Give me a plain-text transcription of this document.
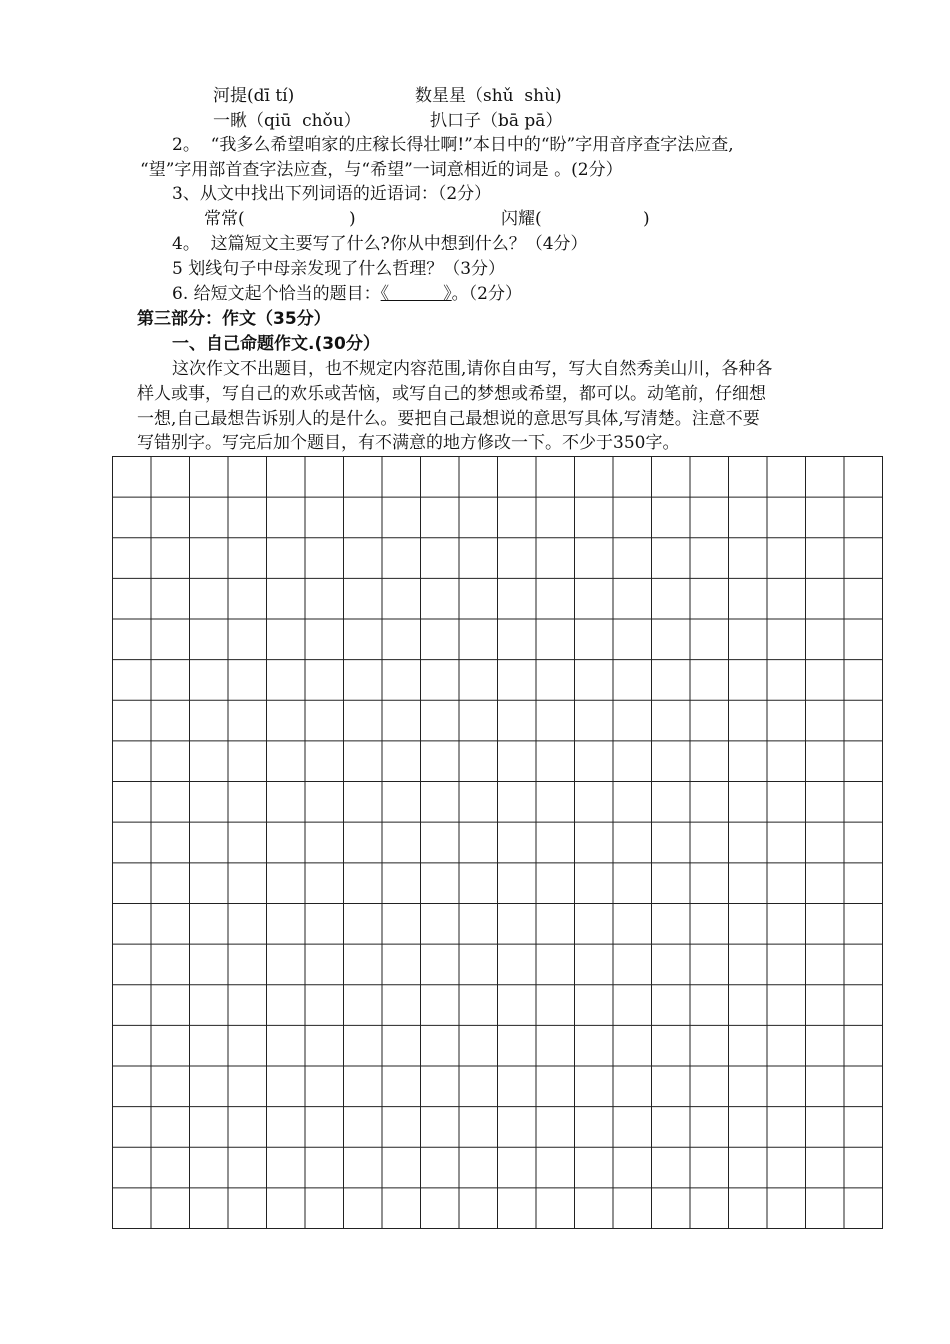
河提(dī tí)	数星星（shǔ  shù)
一瞅（qiū  chǒu）	扒口子（bā pā）
2。  “我多么希望咱家的庄稼长得壮啊!”本日中的“盼”字用音序查字法应查,
“望”字用部首查字法应查，与“希望”一词意相近的词是 。(2分）
3、从文中找出下列词语的近语词：（2分）
常常(	)	闪耀(	)
4。  这篇短文主要写了什么?你从中想到什么？（4分）
5 划线句子中母亲发现了什么哲理？（3分）
6. 给短文起个恰当的题目：《          》。（2分）
第三部分：作文（35分）
一、自己命题作文.(30分）
这次作文不出题目，也不规定内容范围,请你自由写，写大自然秀美山川，各种各
样人或事，写自己的欢乐或苦恼，或写自己的梦想或希望，都可以。动笔前，仔细想
一想,自己最想告诉别人的是什么。要把自己最想说的意思写具体,写清楚。注意不要
写错别字。写完后加个题目，有不满意的地方修改一下。不少于350字。
